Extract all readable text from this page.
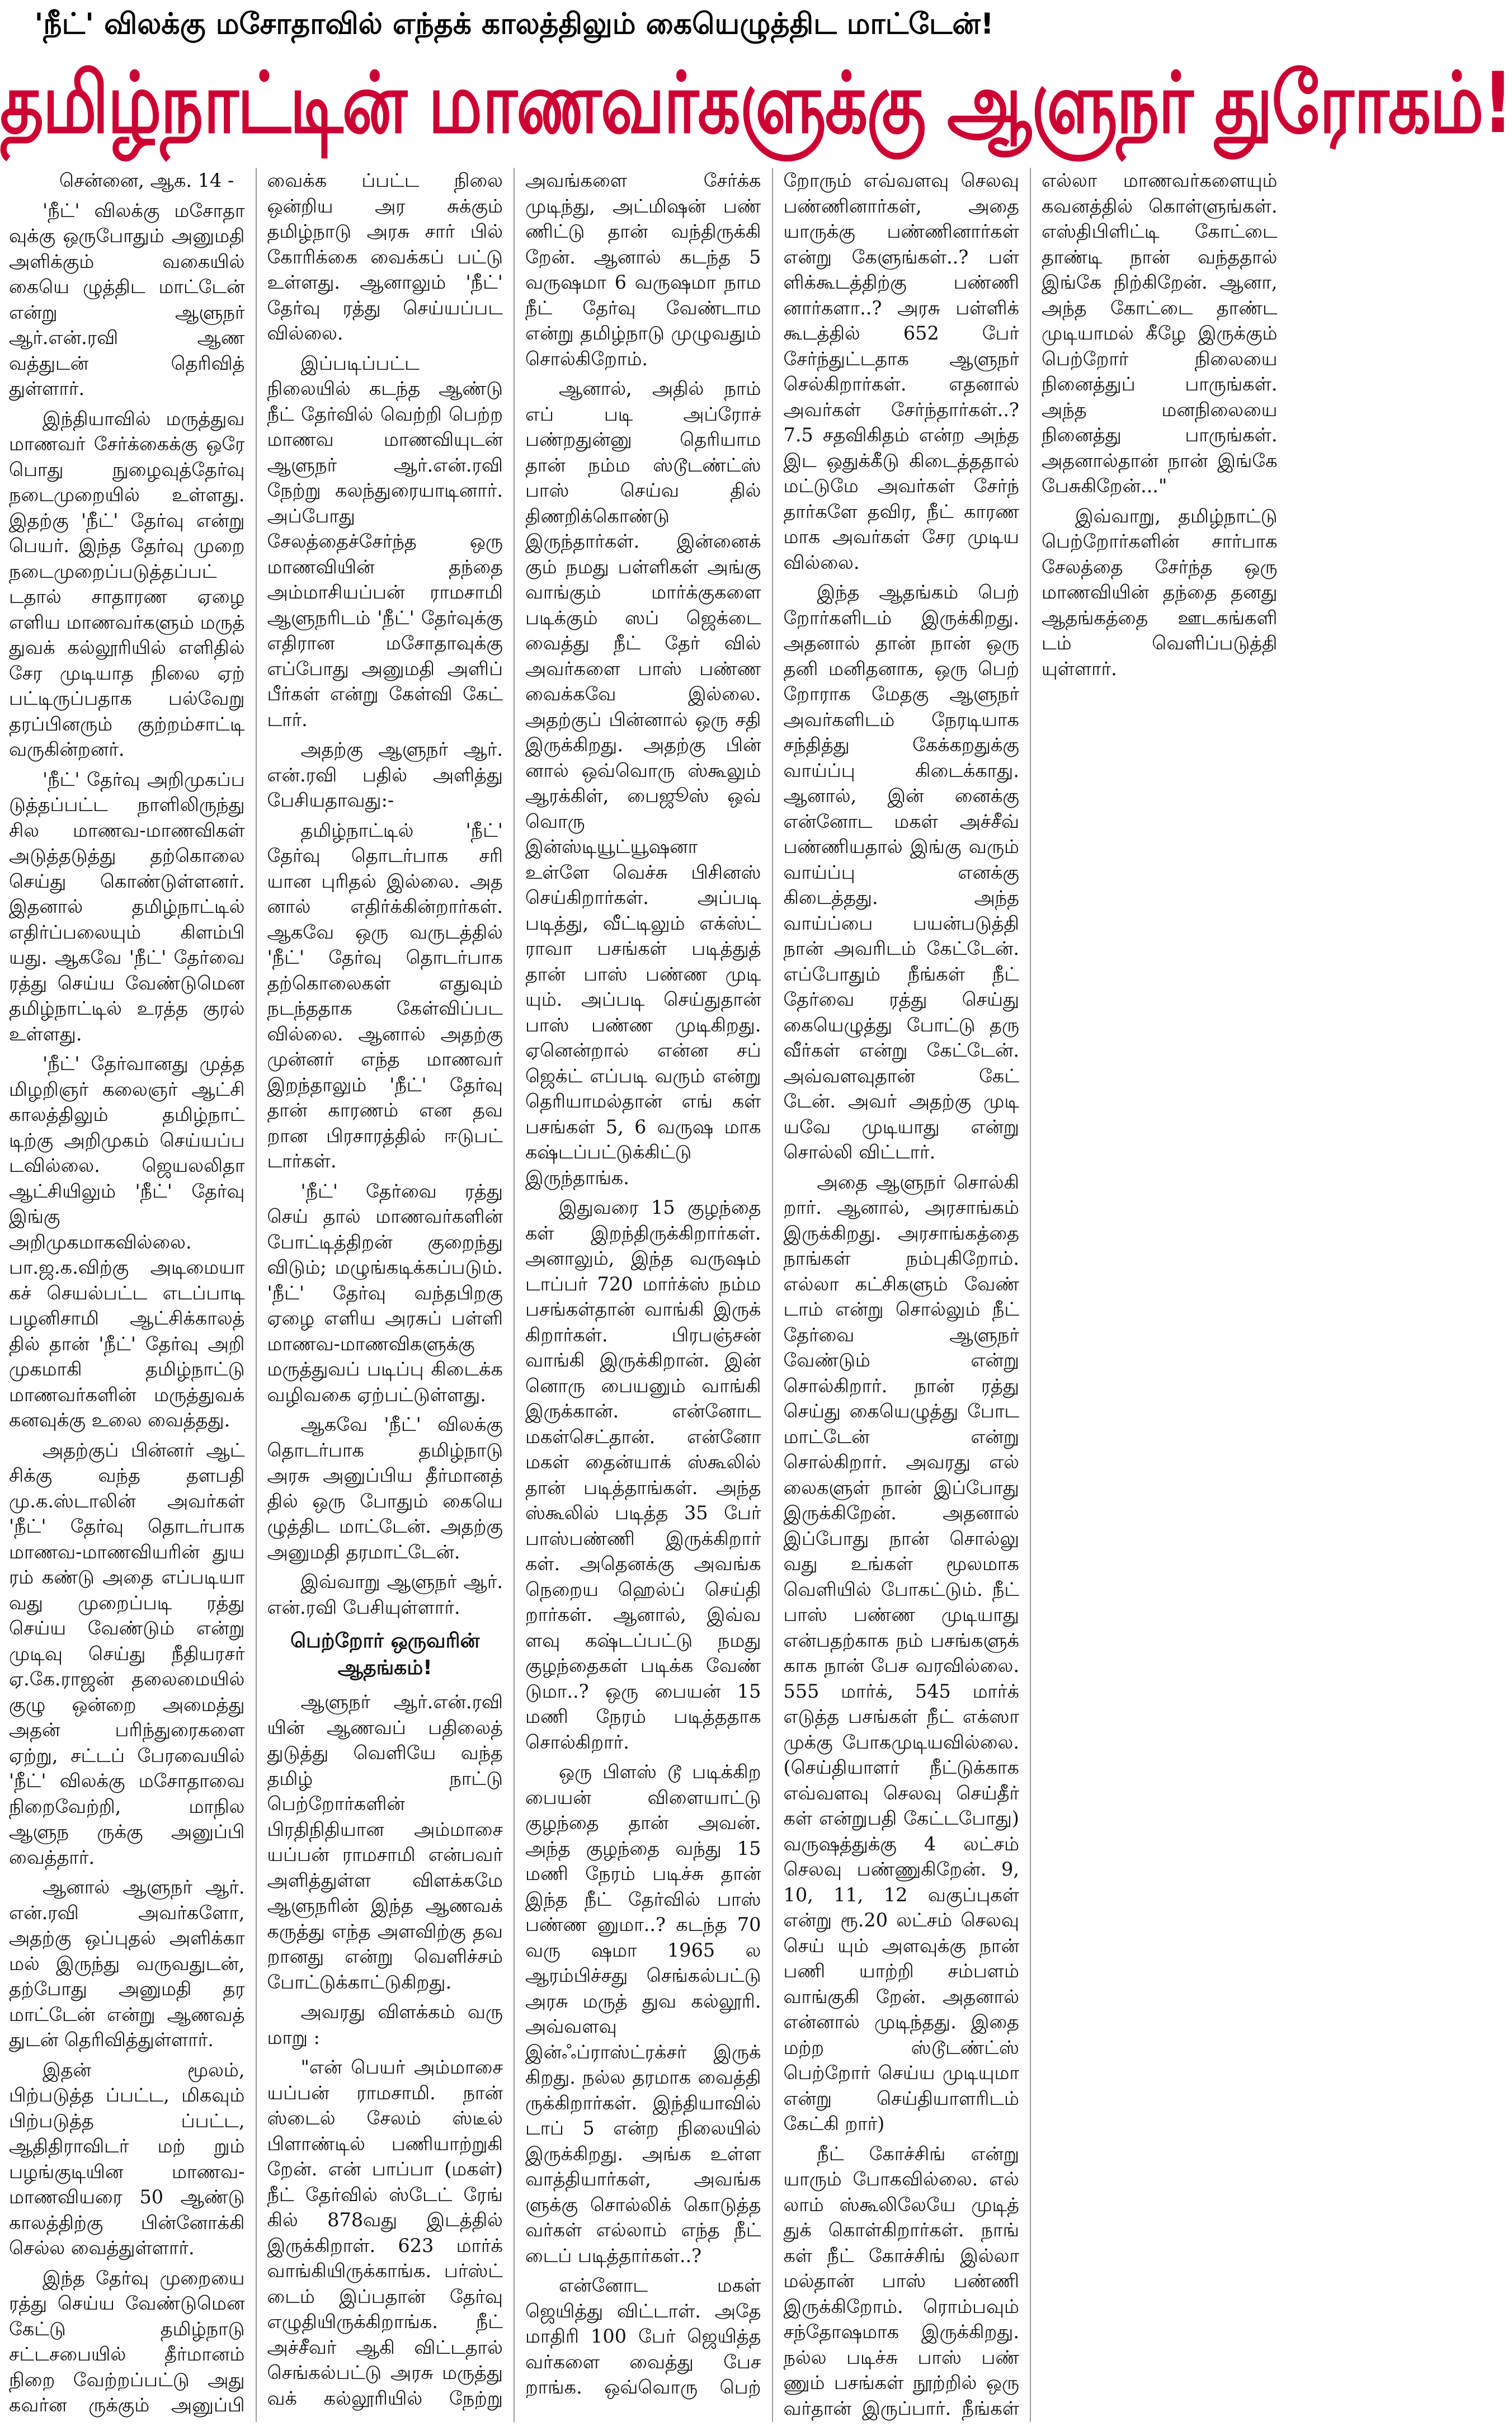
'நீட்' விலக்கு மசோதாவில் எந்தக் காலத்திலும் கையெழுத்திட மாட்டேன்!
தமிழ்நாட்டின் மாணவர்களுக்கு ஆளுநர் துரோகம்!

சென்னை, ஆக. 14 -

'நீட்' விலக்கு மசோதா வுக்கு ஒருபோதும் அனுமதி அளிக்கும் வகையில் கையெ ழுத்திட மாட்டேன் என்று ஆளுநர் ஆர்.என்.ரவி ஆண வத்துடன் தெரிவித் துள்ளார்.

இந்தியாவில் மருத்துவ மாணவர் சேர்க்கைக்கு ஒரே பொது நுழைவுத்தேர்வு நடைமுறையில் உள்ளது. இதற்கு 'நீட்' தேர்வு என்று பெயர். இந்த தேர்வு முறை நடைமுறைப்படுத்தப்பட் டதால் சாதாரண ஏழை எளிய மாணவர்களும் மருத் துவக் கல்லூரியில் எளிதில் சேர முடியாத நிலை ஏற் பட்டிருப்பதாக பல்வேறு தரப்பினரும் குற்றம்சாட்டி வருகின்றனர்.

'நீட்' தேர்வு அறிமுகப்ப டுத்தப்பட்ட நாளிலிருந்து சில மாணவ-மாணவிகள் அடுத்தடுத்து தற்கொலை செய்து கொண்டுள்ளனர். இதனால் தமிழ்நாட்டில் எதிர்ப்பலையும் கிளம்பி யது. ஆகவே 'நீட்' தேர்வை ரத்து செய்ய வேண்டுமென தமிழ்நாட்டில் உரத்த குரல் உள்ளது.

'நீட்' தேர்வானது முத்த மிழறிஞர் கலைஞர் ஆட்சி காலத்திலும் தமிழ்நாட் டிற்கு அறிமுகம் செய்யப்ப டவில்லை. ஜெயலலிதா ஆட்சியிலும் 'நீட்' தேர்வு இங்கு அறிமுகமாகவில்லை. பா.ஜ.க.விற்கு அடிமையா கச் செயல்பட்ட எடப்பாடி பழனிசாமி ஆட்சிக்காலத் தில் தான் 'நீட்' தேர்வு அறி முகமாகி தமிழ்நாட்டு மாணவர்களின் மருத்துவக் கனவுக்கு உலை வைத்தது.

அதற்குப் பின்னர் ஆட் சிக்கு வந்த தளபதி மு.க.ஸ்டாலின் அவர்கள் 'நீட்' தேர்வு தொடர்பாக மாணவ-மாணவியரின் துய ரம் கண்டு அதை எப்படியா வது முறைப்படி ரத்து செய்ய வேண்டும் என்று முடிவு செய்து நீதியரசர் ஏ.கே.ராஜன் தலைமையில் குழு ஒன்றை அமைத்து அதன் பரிந்துரைகளை ஏற்று, சட்டப் பேரவையில் 'நீட்' விலக்கு மசோதாவை நிறைவேற்றி, மாநில ஆளுந ருக்கு அனுப்பி வைத்தார்.

ஆனால் ஆளுநர் ஆர். என்.ரவி அவர்களோ, அதற்கு ஒப்புதல் அளிக்கா மல் இருந்து வருவதுடன், தற்போது அனுமதி தர மாட்டேன் என்று ஆணவத் துடன் தெரிவித்துள்ளார்.

இதன் மூலம், பிற்படுத்த ப்பட்ட, மிகவும் பிற்படுத்த ப்பட்ட, ஆதிதிராவிடர் மற் றும் பழங்குடியின மாணவ-மாணவியரை 50 ஆண்டு காலத்திற்கு பின்னோக்கி செல்ல வைத்துள்ளார்.

இந்த தேர்வு முறையை ரத்து செய்ய வேண்டுமென கேட்டு தமிழ்நாடு சட்டசபையில் தீர்மானம் நிறை வேற்றப்பட்டு அது கவர்ன ருக்கும் அனுப்பி வைக்க ப்பட்ட நிலை ஒன்றிய அர சுக்கும் தமிழ்நாடு அரசு சார் பில் கோரிக்கை வைக்கப் பட்டு உள்ளது. ஆனாலும் 'நீட்' தேர்வு ரத்து செய்யப்பட வில்லை.

இப்படிப்பட்ட நிலையில் கடந்த ஆண்டு நீட் தேர்வில் வெற்றி பெற்ற மாணவ மாணவியுடன் ஆளுநர் ஆர்.என்.ரவி நேற்று கலந்துரையாடினார். அப்போது சேலத்தைச்சேர்ந்த ஒரு மாணவியின் தந்தை அம்மாசியப்பன் ராமசாமி ஆளுநரிடம் 'நீட்' தேர்வுக்கு எதிரான மசோதாவுக்கு எப்போது அனுமதி அளிப் பீர்கள் என்று கேள்வி கேட் டார்.

அதற்கு ஆளுநர் ஆர். என்.ரவி பதில் அளித்து பேசியதாவது:-

தமிழ்நாட்டில் 'நீட்' தேர்வு தொடர்பாக சரி யான புரிதல் இல்லை. அத னால் எதிர்க்கின்றார்கள். ஆகவே ஒரு வருடத்தில் 'நீட்' தேர்வு தொடர்பாக தற்கொலைகள் எதுவும் நடந்ததாக கேள்விப்பட வில்லை. ஆனால் அதற்கு முன்னர் எந்த மாணவர் இறந்தாலும் 'நீட்' தேர்வு தான் காரணம் என தவ றான பிரசாரத்தில் ஈடுபட் டார்கள்.

'நீட்' தேர்வை ரத்து செய் தால் மாணவர்களின் போட்டித்திறன் குறைந்து விடும்; மழுங்கடிக்கப்படும். 'நீட்' தேர்வு வந்தபிறகு ஏழை எளிய அரசுப் பள்ளி மாணவ-மாணவிகளுக்கு மருத்துவப் படிப்பு கிடைக்க வழிவகை ஏற்பட்டுள்ளது.

ஆகவே 'நீட்' விலக்கு தொடர்பாக தமிழ்நாடு அரசு அனுப்பிய தீர்மானத் தில் ஒரு போதும் கையெ ழுத்திட மாட்டேன். அதற்கு அனுமதி தரமாட்டேன்.

இவ்வாறு ஆளுநர் ஆர். என்.ரவி பேசியுள்ளார்.

பெற்றோர் ஒருவரின் ஆதங்கம்!

ஆளுநர் ஆர்.என்.ரவி யின் ஆணவப் பதிலைத் துடுத்து வெளியே வந்த தமிழ் நாட்டு பெற்றோர்களின் பிரதிநிதியான அம்மாசை யப்பன் ராமசாமி என்பவர் அளித்துள்ள விளக்கமே ஆளுநரின் இந்த ஆணவக் கருத்து எந்த அளவிற்கு தவ றானது என்று வெளிச்சம் போட்டுக்காட்டுகிறது.

அவரது விளக்கம் வரு மாறு :

"என் பெயர் அம்மாசை யப்பன் ராமசாமி. நான் ஸ்டைல் சேலம் ஸ்டீல் பிளாண்டில் பணியாற்றுகி றேன். என் பாப்பா (மகள்) நீட் தேர்வில் ஸ்டேட் ரேங் கில் 878வது இடத்தில் இருக்கிறாள். 623 மார்க் வாங்கியிருக்காங்க. பர்ஸ்ட் டைம் இப்பதான் தேர்வு எழுதியிருக்கிறாங்க. நீட் அச்சீவர் ஆகி விட்டதால் செங்கல்பட்டு அரசு மருத்து வக் கல்லூரியில் நேற்று அவங்களை சேர்க்க முடிந்து, அட்மிஷன் பண் ணிட்டு தான் வந்திருக்கி றேன். ஆனால் கடந்த 5 வருஷமா 6 வருஷமா நாம நீட் தேர்வு வேண்டாம என்று தமிழ்நாடு முழுவதும் சொல்கிறோம்.

ஆனால், அதில் நாம் எப் படி அப்ரோச் பண்றதுன்னு தெரியாம தான் நம்ம ஸ்டூடண்ட்ஸ் பாஸ் செய்வ தில் திணறிக்கொண்டு இருந்தார்கள். இன்னைக் கும் நமது பள்ளிகள் அங்கு வாங்கும் மார்க்குகளை படிக்கும் ஸப் ஜெக்டை வைத்து நீட் தேர் வில் அவர்களை பாஸ் பண்ண வைக்கவே இல்லை. அதற்குப் பின்னால் ஒரு சதி இருக்கிறது. அதற்கு பின் னால் ஒவ்வொரு ஸ்கூலும் ஆரக்கிள், பைஜூஸ் ஒவ் வொரு இன்ஸ்டியூட்யூஷனா உள்ளே வெச்சு பிசினஸ் செய்கிறார்கள். அப்படி படித்து, வீட்டிலும் எக்ஸ்ட் ராவா பசங்கள் படித்துத் தான் பாஸ் பண்ண முடி யும். அப்படி செய்துதான் பாஸ் பண்ண முடிகிறது. ஏனென்றால் என்ன சப் ஜெக்ட் எப்படி வரும் என்று தெரியாமல்தான் எங் கள் பசங்கள் 5, 6 வருஷ மாக கஷ்டப்பட்டுக்கிட்டு இருந்தாங்க.

இதுவரை 15 குழந்தை கள் இறந்திருக்கிறார்கள். அனாலும், இந்த வருஷம் டாப்பர் 720 மார்க்ஸ் நம்ம பசங்கள்தான் வாங்கி இருக் கிறார்கள். பிரபஞ்சன் வாங்கி இருக்கிறான். இன் னொரு பையனும் வாங்கி இருக்கான். என்னோட மகள்செட்தான். என்னோ மகள் தைன்யாக் ஸ்கூலில் தான் படித்தாங்கள். அந்த ஸ்கூலில் படித்த 35 பேர் பாஸ்பண்ணி இருக்கிறார் கள். அதெனக்கு அவங்க நெறைய ஹெல்ப் செய்தி றார்கள். ஆனால், இவ்வ ளவு கஷ்டப்பட்டு நமது குழந்தைகள் படிக்க வேண் டுமா..? ஒரு பையன் 15 மணி நேரம் படித்ததாக சொல்கிறார்.

ஒரு பிளஸ் டூ படிக்கிற பையன் விளையாட்டு குழந்தை தான் அவன். அந்த குழந்தை வந்து 15 மணி நேரம் படிச்சு தான் இந்த நீட் தேர்வில் பாஸ் பண்ண னுமா..? கடந்த 70 வரு ஷமா 1965 ல ஆரம்பிச்சது செங்கல்பட்டு அரசு மருத் துவ கல்லூரி. அவ்வளவு இன்ஃப்ராஸ்ட்ரக்சர் இருக் கிறது. நல்ல தரமாக வைத்தி ருக்கிறார்கள். இந்தியாவில் டாப் 5 என்ற நிலையில் இருக்கிறது. அங்க உள்ள வாத்தியார்கள், அவங்க ளுக்கு சொல்லிக் கொடுத்த வர்கள் எல்லாம் எந்த நீட் டைப் படித்தார்கள்..?

என்னோட மகள் ஜெயித்து விட்டாள். அதே மாதிரி 100 பேர் ஜெயித்த வர்களை வைத்து பேச றாங்க. ஒவ்வொரு பெற் றோரும் எவ்வளவு செலவு பண்ணினார்கள், அதை யாருக்கு பண்ணினார்கள் என்று கேளுங்கள்..? பள் ளிக்கூடத்திற்கு பண்ணி னார்களா..? அரசு பள்ளிக் கூடத்தில் 652 பேர் சேர்ந்துட்டதாக ஆளுநர் செல்கிறார்கள். எதனால் அவர்கள் சேர்ந்தார்கள்..? 7.5 சதவிகிதம் என்ற அந்த இட ஒதுக்கீடு கிடைத்ததால் மட்டுமே அவர்கள் சேர்ந் தார்களே தவிர, நீட் காரண மாக அவர்கள் சேர முடிய வில்லை.

இந்த ஆதங்கம் பெற் றோர்களிடம் இருக்கிறது. அதனால் தான் நான் ஒரு தனி மனிதனாக, ஒரு பெற் றோராக மேதகு ஆளுநர் அவர்களிடம் நேரடியாக சந்தித்து கேக்கறதுக்கு வாய்ப்பு கிடைக்காது. ஆனால், இன் னைக்கு என்னோட மகள் அச்சீவ் பண்ணியதால் இங்கு வரும் வாய்ப்பு எனக்கு கிடைத்தது. அந்த வாய்ப்பை பயன்படுத்தி நான் அவரிடம் கேட்டேன். எப்போதும் நீங்கள் நீட் தேர்வை ரத்து செய்து கையெழுத்து போட்டு தரு வீர்கள் என்று கேட்டேன். அவ்வளவுதான் கேட் டேன். அவர் அதற்கு முடி யவே முடியாது என்று சொல்லி விட்டார்.

அதை ஆளுநர் சொல்கி றார். ஆனால், அரசாங்கம் இருக்கிறது. அரசாங்கத்தை நாங்கள் நம்புகிறோம். எல்லா கட்சிகளும் வேண் டாம் என்று சொல்லும் நீட் தேர்வை ஆளுநர் வேண்டும் என்று சொல்கிறார். நான் ரத்து செய்து கையெழுத்து போட மாட்டேன் என்று சொல்கிறார். அவரது எல் லைகளுள் நான் இப்போது இருக்கிறேன். அதனால் இப்போது நான் சொல்லு வது உங்கள் மூலமாக வெளியில் போகட்டும். நீட் பாஸ் பண்ண முடியாது என்பதற்காக நம் பசங்களுக் காக நான் பேச வரவில்லை. 555 மார்க், 545 மார்க் எடுத்த பசங்கள் நீட் எக்ஸா முக்கு போகமுடியவில்லை. (செய்தியாளர் நீட்டுக்காக எவ்வளவு செலவு செய்தீர் கள் என்றுபதி கேட்டபோது) வருஷத்துக்கு 4 லட்சம் செலவு பண்ணுகிறேன். 9, 10, 11, 12 வகுப்புகள் என்று ரூ.20 லட்சம் செலவு செய் யும் அளவுக்கு நான் பணி யாற்றி சம்பளம் வாங்குகி றேன். அதனால் என்னால் முடிந்தது. இதை மற்ற ஸ்டூடண்ட்ஸ் பெற்றோர் செய்ய முடியுமா என்று செய்தியாளரிடம் கேட்கி றார்)

நீட் கோச்சிங் என்று யாரும் போகவில்லை. எல் லாம் ஸ்கூலிலேயே முடித் துக் கொள்கிறார்கள். நாங் கள் நீட் கோச்சிங் இல்லா மல்தான் பாஸ் பண்ணி இருக்கிறோம். ரொம்பவும் சந்தோஷமாக இருக்கிறது. நல்ல படிச்சு பாஸ் பண் ணும் பசங்கள் நூற்றில் ஒரு வர்தான் இருப்பார். நீங்கள் எல்லா மாணவர்களையும் கவனத்தில் கொள்ளுங்கள். எஸ்திபிளிட்டி கோட்டை தாண்டி நான் வந்ததால் இங்கே நிற்கிறேன். ஆனா, அந்த கோட்டை தாண்ட முடியாமல் கீழே இருக்கும் பெற்றோர் நிலையை நினைத்துப் பாருங்கள். அந்த மனநிலையை நினைத்து பாருங்கள். அதனால்தான் நான் இங்கே பேசுகிறேன்..."

இவ்வாறு, தமிழ்நாட்டு பெற்றோர்களின் சார்பாக சேலத்தை சேர்ந்த ஒரு மாணவியின் தந்தை தனது ஆதங்கத்தை ஊடகங்களி டம் வெளிப்படுத்தி யுள்ளார்.
